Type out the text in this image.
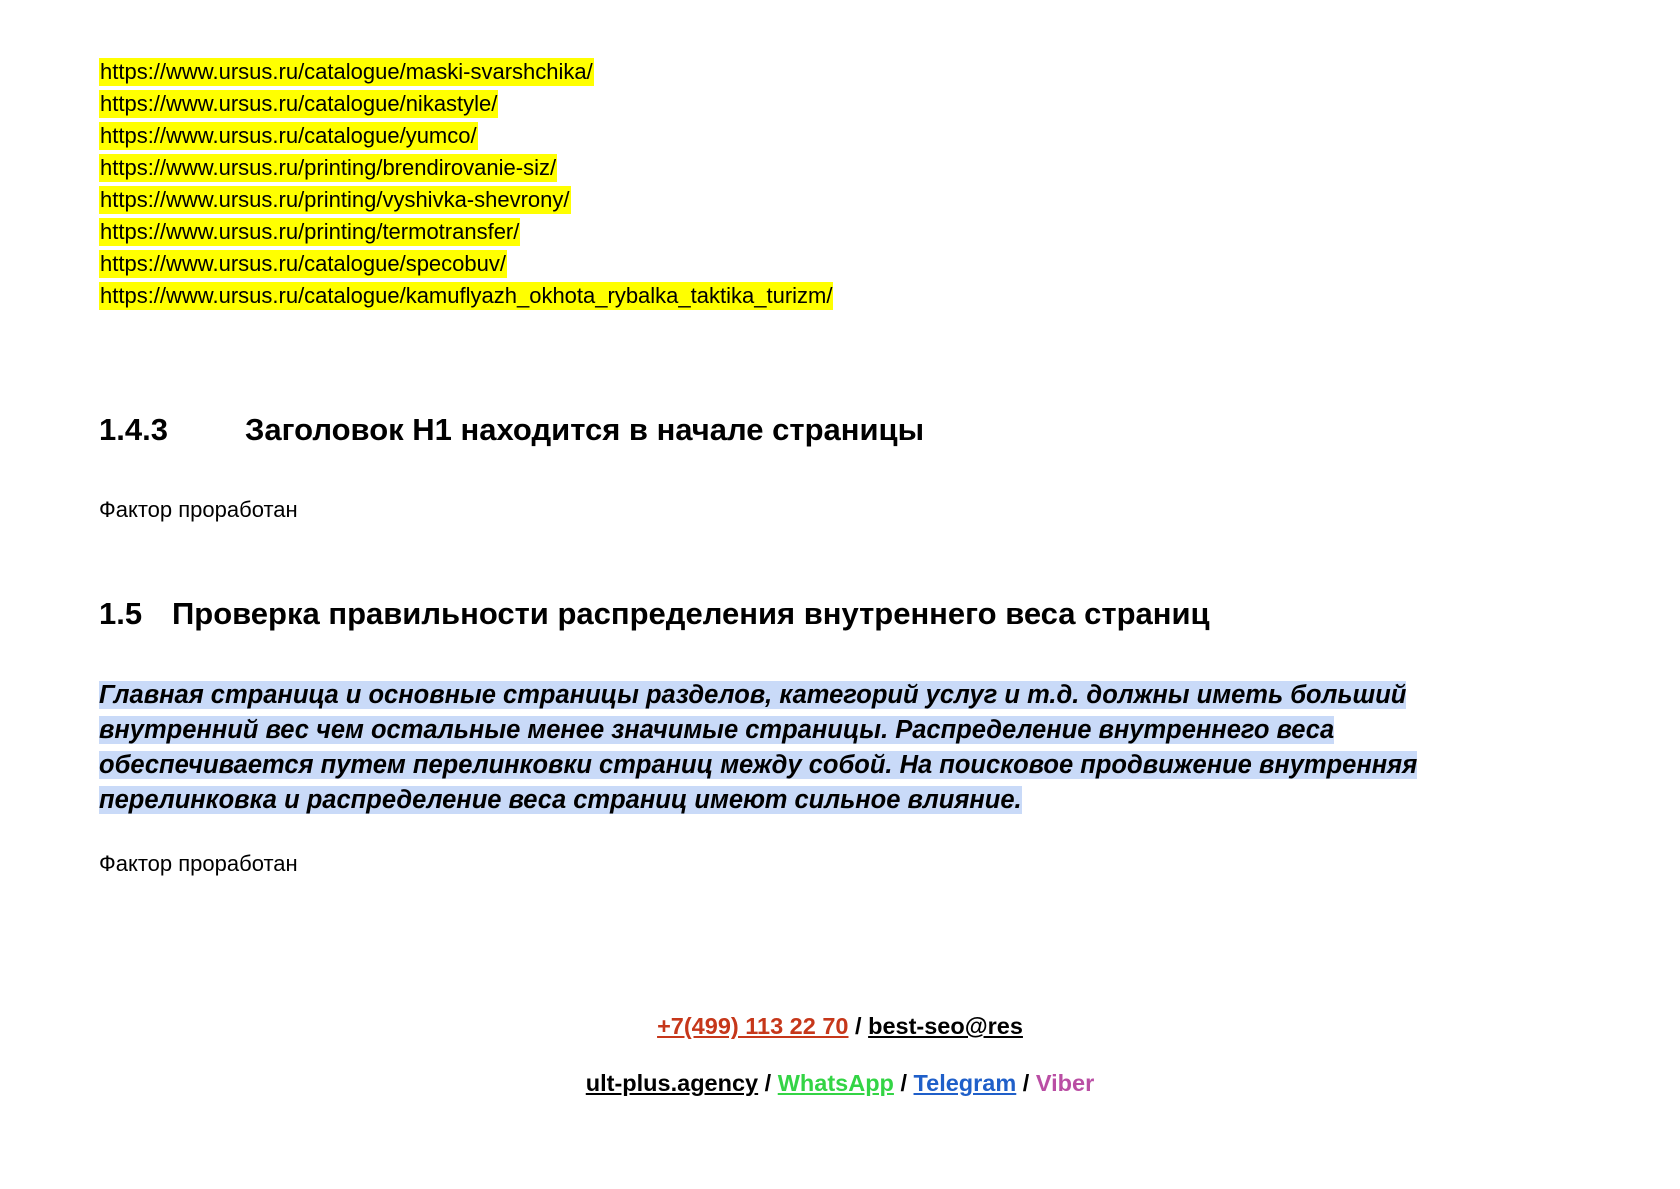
https://www.ursus.ru/catalogue/maski-svarshchika/
https://www.ursus.ru/catalogue/nikastyle/
https://www.ursus.ru/catalogue/yumco/
https://www.ursus.ru/printing/brendirovanie-siz/
https://www.ursus.ru/printing/vyshivka-shevrony/
https://www.ursus.ru/printing/termotransfer/
https://www.ursus.ru/catalogue/specobuv/
https://www.ursus.ru/catalogue/kamuflyazh_okhota_rybalka_taktika_turizm/
1.4.3 Заголовок H1 находится в начале страницы

Фактор проработан

1.5 Проверка правильности распределения внутреннего веса страниц

Главная страница и основные страницы разделов, категорий услуг и т.д. должны иметь больший внутренний вес чем остальные менее значимые страницы. Распределение внутреннего веса обеспечивается путем перелинковки страниц между собой. На поисковое продвижение внутренняя перелинковка и распределение веса страниц имеют сильное влияние.

Фактор проработан

+7(499) 113 22 70 / best-seo@res

ult-plus.agency / WhatsApp / Telegram / Viber
